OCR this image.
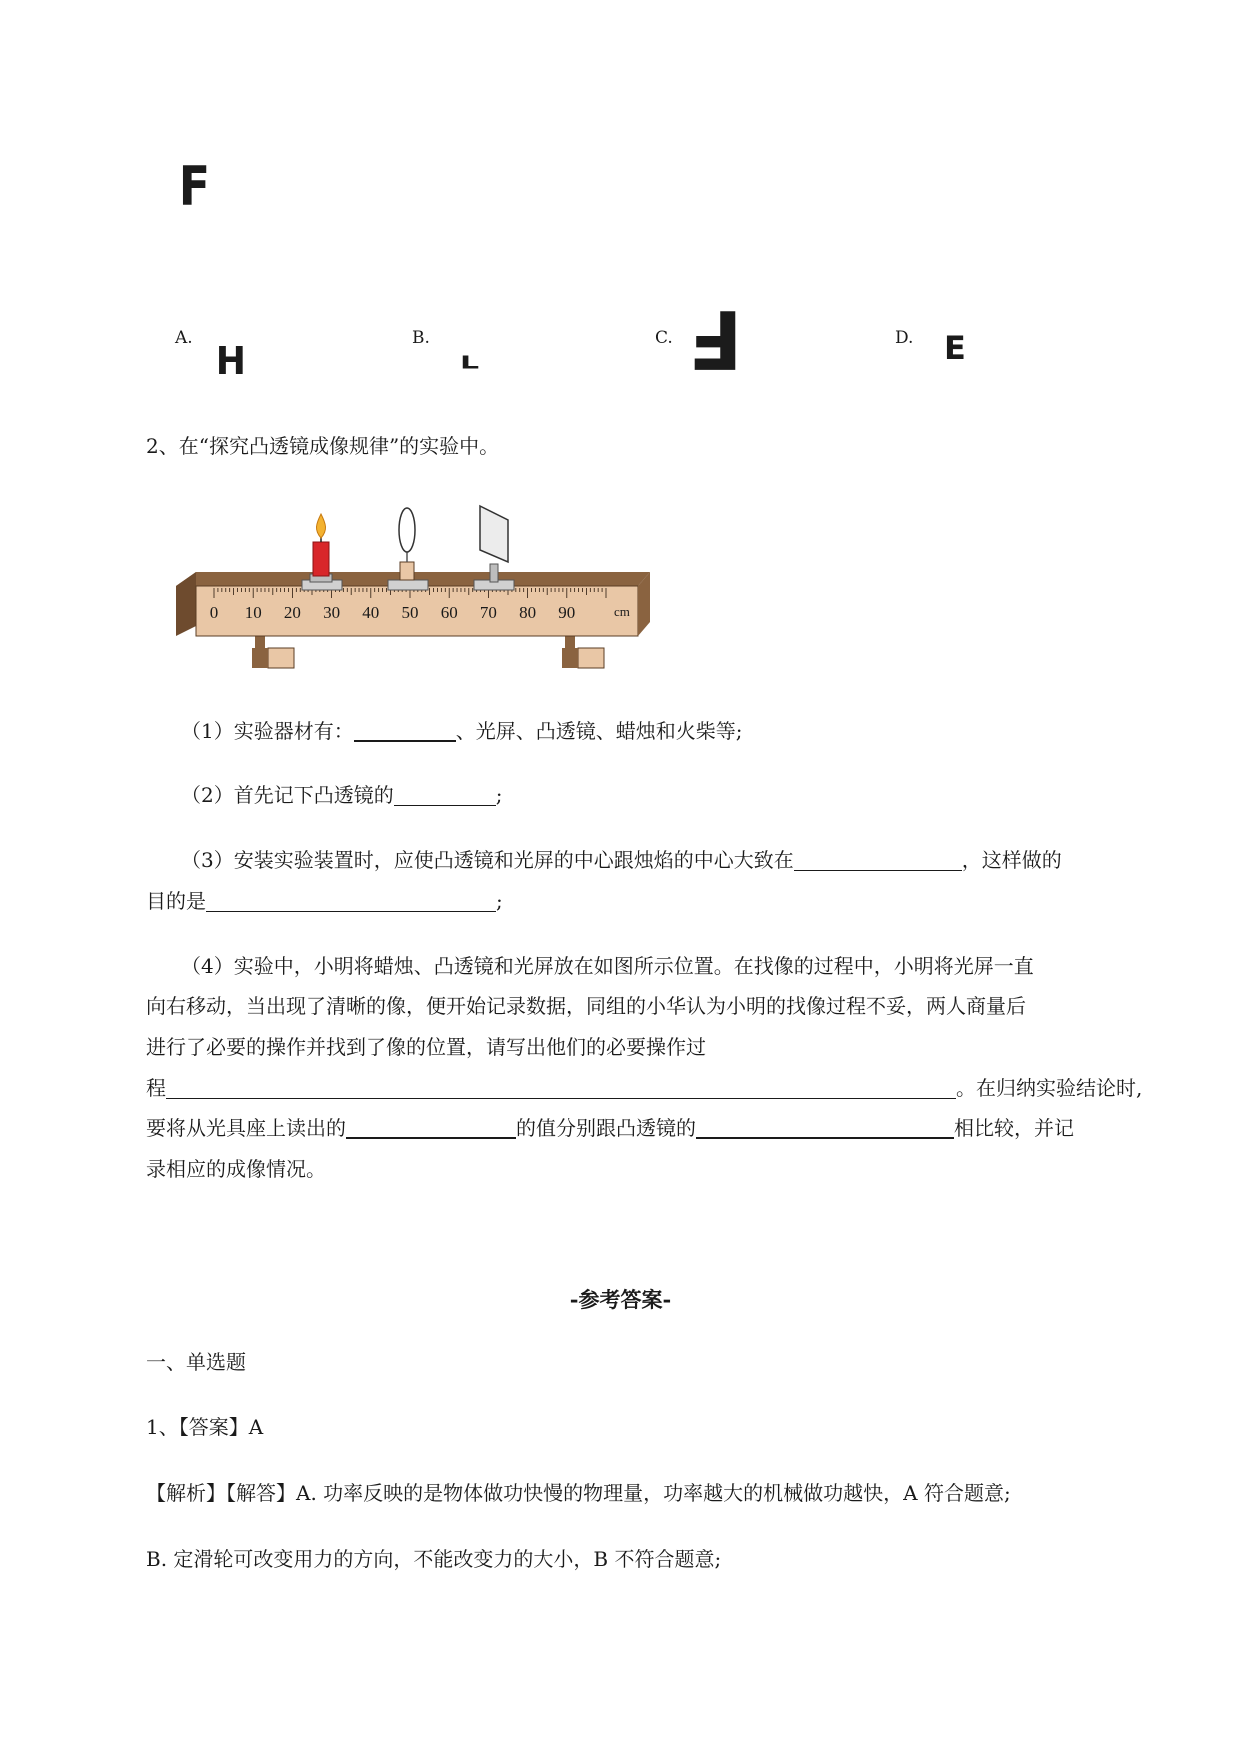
F
A.
H
B.
L
C. F	D. E
2、在“探究凸透镜成像规律”的实验中。
0 10 20 30 40 50 60 70 80 90	cm
（1）实验器材有：	、光屏、凸透镜、蜡烛和火柴等;
（2）首先记下凸透镜的	;
（3）安装实验装置时，应使凸透镜和光屏的中心跟烛焰的中心大致在	，这样做的
目的是	;
（4）实验中，小明将蜡烛、凸透镜和光屏放在如图所示位置。在找像的过程中，小明将光屏一直
向右移动，当出现了清晰的像，便开始记录数据，同组的小华认为小明的找像过程不妥，两人商量后
进行了必要的操作并找到了像的位置，请写出他们的必要操作过
程	。在归纳实验结论时,
要将从光具座上读出的	的值分别跟凸透镜的	相比较，并记
录相应的成像情况。
-参考答案-
一、单选题
1、【答案】A
【解析】【解答】A. 功率反映的是物体做功快慢的物理量，功率越大的机械做功越快，A 符合题意;
B. 定滑轮可改变用力的方向，不能改变力的大小，B 不符合题意;
